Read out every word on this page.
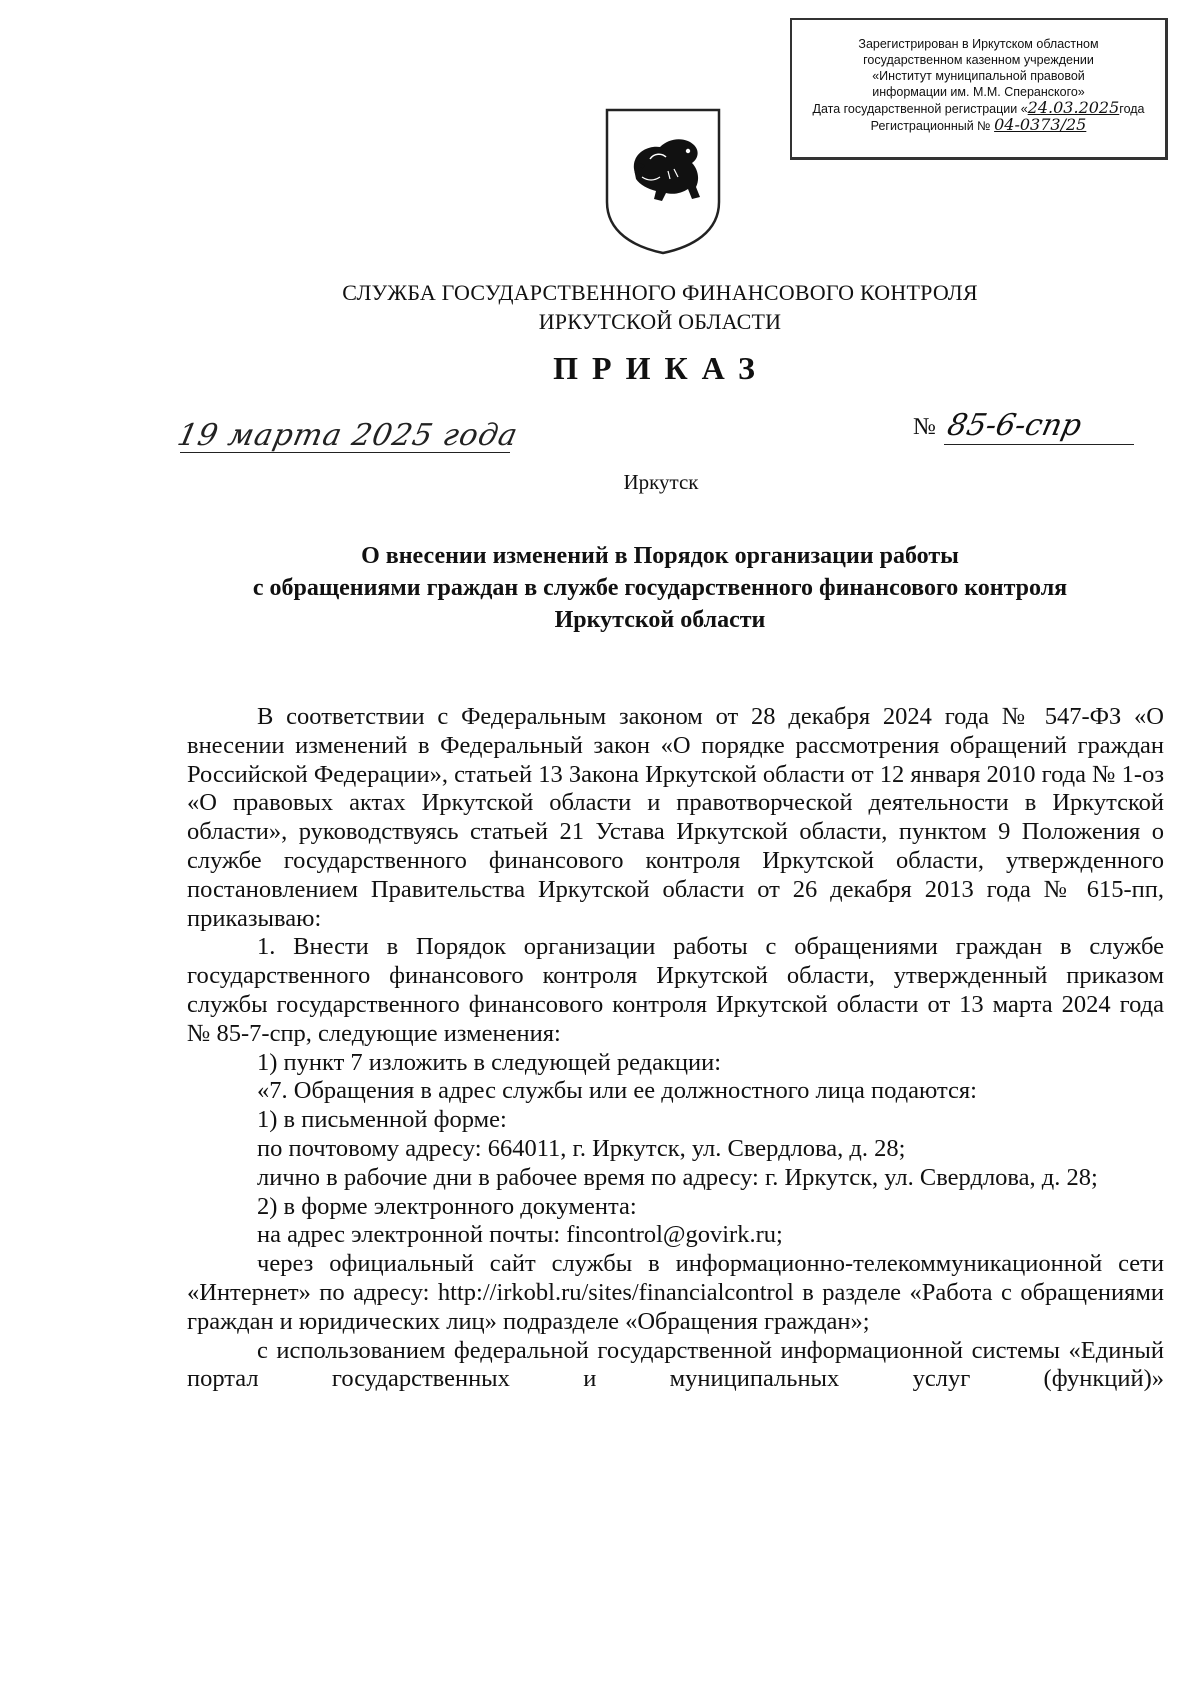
Зарегистрирован в Иркутском областном
государственном казенном учреждении
«Институт муниципальной правовой
информации им. М.М. Сперанского»
Дата государственной регистрации «24.03.2025года
Регистрационный № 04-0373/25
СЛУЖБА ГОСУДАРСТВЕННОГО ФИНАНСОВОГО КОНТРОЛЯ
ИРКУТСКОЙ ОБЛАСТИ
ПРИКАЗ
19 марта 2025 года	№ 85-6-спр
Иркутск
О внесении изменений в Порядок организации работы
с обращениями граждан в службе государственного финансового контроля
Иркутской области

В соответствии с Федеральным законом от 28 декабря 2024 года № 547-ФЗ «О внесении изменений в Федеральный закон «О порядке рассмотрения обращений граждан Российской Федерации», статьей 13 Закона Иркутской области от 12 января 2010 года № 1-оз «О правовых актах Иркутской области и правотворческой деятельности в Иркутской области», руководствуясь статьей 21 Устава Иркутской области, пунктом 9 Положения о службе государственного финансового контроля Иркутской области, утвержденного постановлением Правительства Иркутской области от 26 декабря 2013 года № 615-пп, приказываю:

1. Внести в Порядок организации работы с обращениями граждан в службе государственного финансового контроля Иркутской области, утвержденный приказом службы государственного финансового контроля Иркутской области от 13 марта 2024 года № 85-7-спр, следующие изменения:

1) пункт 7 изложить в следующей редакции:

«7. Обращения в адрес службы или ее должностного лица подаются:

1) в письменной форме:

по почтовому адресу: 664011, г. Иркутск, ул. Свердлова, д. 28;

лично в рабочие дни в рабочее время по адресу: г. Иркутск, ул. Свердлова, д. 28;

2) в форме электронного документа:

на адрес электронной почты: fincontrol@govirk.ru;

через официальный сайт службы в информационно-телекоммуникационной сети «Интернет» по адресу: http://irkobl.ru/sites/financialcontrol в разделе «Работа с обращениями граждан и юридических лиц» подразделе «Обращения граждан»;

с использованием федеральной государственной информационной системы «Единый портал государственных и муниципальных услуг (функций)»
